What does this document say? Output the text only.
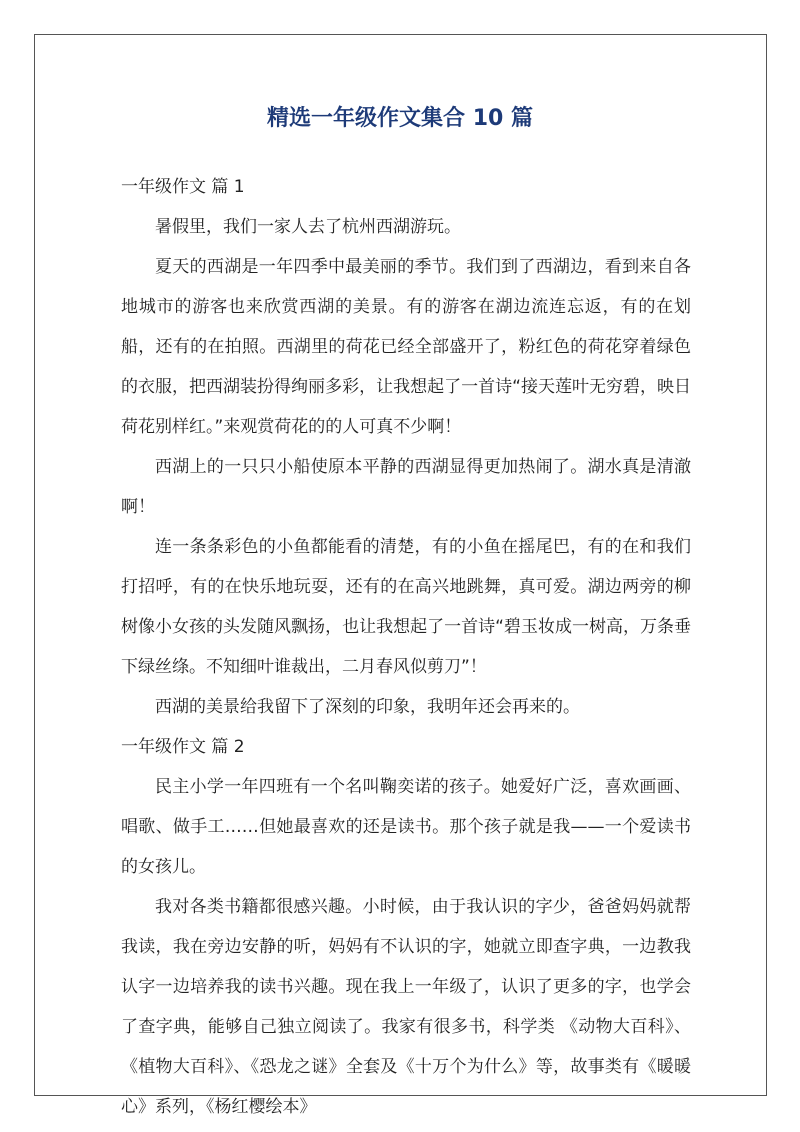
精选一年级作文集合 10 篇
一年级作文 篇 1

暑假里，我们一家人去了杭州西湖游玩。

夏天的西湖是一年四季中最美丽的季节。我们到了西湖边，看到来自各地城市的游客也来欣赏西湖的美景。有的游客在湖边流连忘返，有的在划船，还有的在拍照。西湖里的荷花已经全部盛开了，粉红色的荷花穿着绿色的衣服，把西湖装扮得绚丽多彩，让我想起了一首诗“接天莲叶无穷碧，映日荷花别样红。”来观赏荷花的的人可真不少啊！

西湖上的一只只小船使原本平静的西湖显得更加热闹了。湖水真是清澈啊！

连一条条彩色的小鱼都能看的清楚，有的小鱼在摇尾巴，有的在和我们打招呼，有的在快乐地玩耍，还有的在高兴地跳舞，真可爱。湖边两旁的柳树像小女孩的头发随风飘扬，也让我想起了一首诗“碧玉妆成一树高，万条垂下绿丝绦。不知细叶谁裁出，二月春风似剪刀”！

西湖的美景给我留下了深刻的印象，我明年还会再来的。

一年级作文 篇 2

民主小学一年四班有一个名叫鞠奕诺的孩子。她爱好广泛，喜欢画画、唱歌、做手工……但她最喜欢的还是读书。那个孩子就是我——一个爱读书的女孩儿。

我对各类书籍都很感兴趣。小时候，由于我认识的字少，爸爸妈妈就帮我读，我在旁边安静的听，妈妈有不认识的字，她就立即查字典，一边教我认字一边培养我的读书兴趣。现在我上一年级了，认识了更多的字，也学会了查字典，能够自己独立阅读了。我家有很多书，科学类 《动物大百科》、《植物大百科》、《恐龙之谜》全套及《十万个为什么》等，故事类有《暖暖心》系列，《杨红樱绘本》
